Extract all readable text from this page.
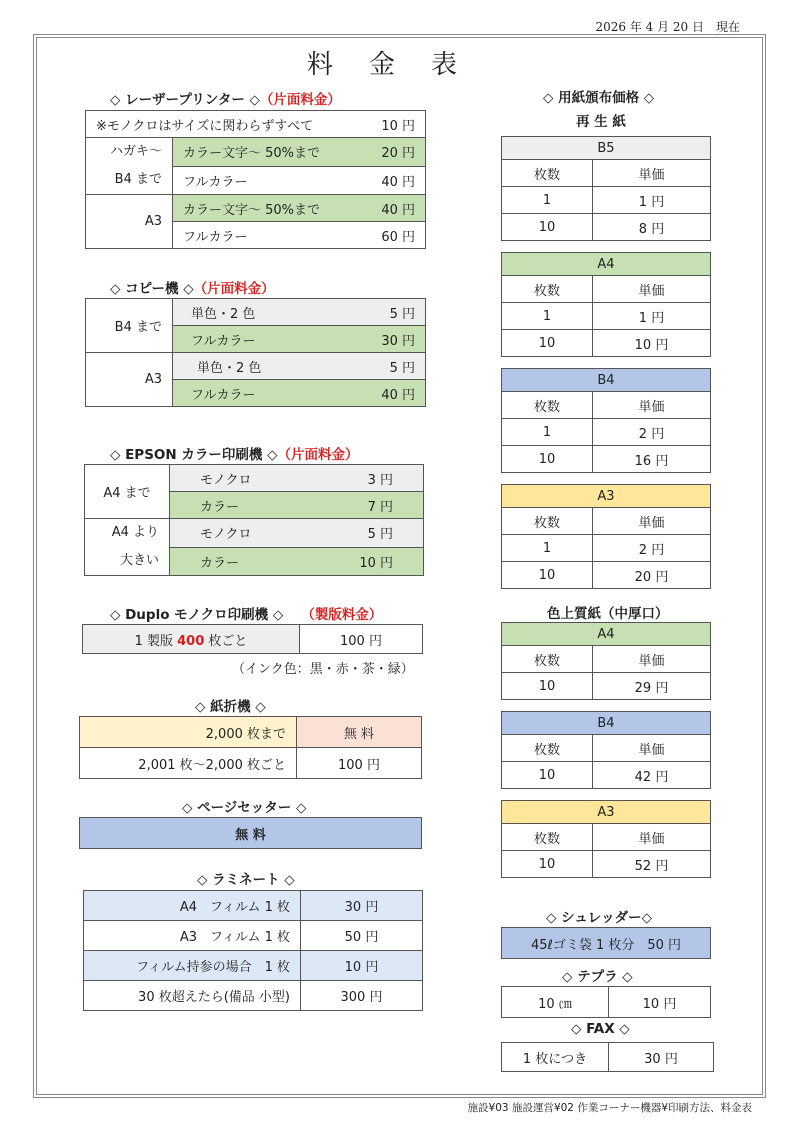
2026 年 4 月 20 日　現在
料金表
◇ レーザープリンター ◇（片面料金）
※モノクロはサイズに関わらずすべて 10 円	

ハガキ～
B4 まで	カラー文字～ 50%まで 20 円

	フルカラー 40 円

A3	カラー文字～ 50%まで 40 円

	フルカラー 60 円
◇ コピー機 ◇（片面料金）
B4 まで	単色・2 色 5 円

	フルカラー 30 円

A3	単色・2 色 5 円

	フルカラー 40 円
◇ EPSON カラー印刷機 ◇（片面料金）
A4 まで	モノクロ 3 円

	カラー 7 円

A4 より
大きい	モノクロ 5 円

	カラー 10 円
◇ Duplo モノクロ印刷機 ◇ （製版料金）
1 製版 400 枚ごと	100 円
（インク色：黒・赤・茶・緑）
◇ 紙折機 ◇
2,000 枚まで	無 料
2,001 枚～2,000 枚ごと	100 円
◇ ページセッター ◇
無 料
◇ ラミネート ◇
A4　フィルム 1 枚	30 円
A3　フィルム 1 枚	50 円
フィルム持参の場合　1 枚	10 円
30 枚超えたら(備品 小型)	300 円
◇ 用紙頒布価格 ◇
再 生 紙
B5	
枚数	単価
1	1 円
10	8 円
A4	
枚数	単価
1	1 円
10	10 円
B4	
枚数	単価
1	2 円
10	16 円
A3	
枚数	単価
1	2 円
10	20 円
色上質紙（中厚口）
A4	
枚数	単価
10	29 円
B4	
枚数	単価
10	42 円
A3	
枚数	単価
10	52 円
◇ シュレッダー◇
45ℓゴミ袋 1 枚分　50 円
◇ テプラ ◇
10 ㎝	10 円
◇ FAX ◇
1 枚につき	30 円
施設¥03 施設運営¥02 作業コーナー機器¥印刷方法、料金表
